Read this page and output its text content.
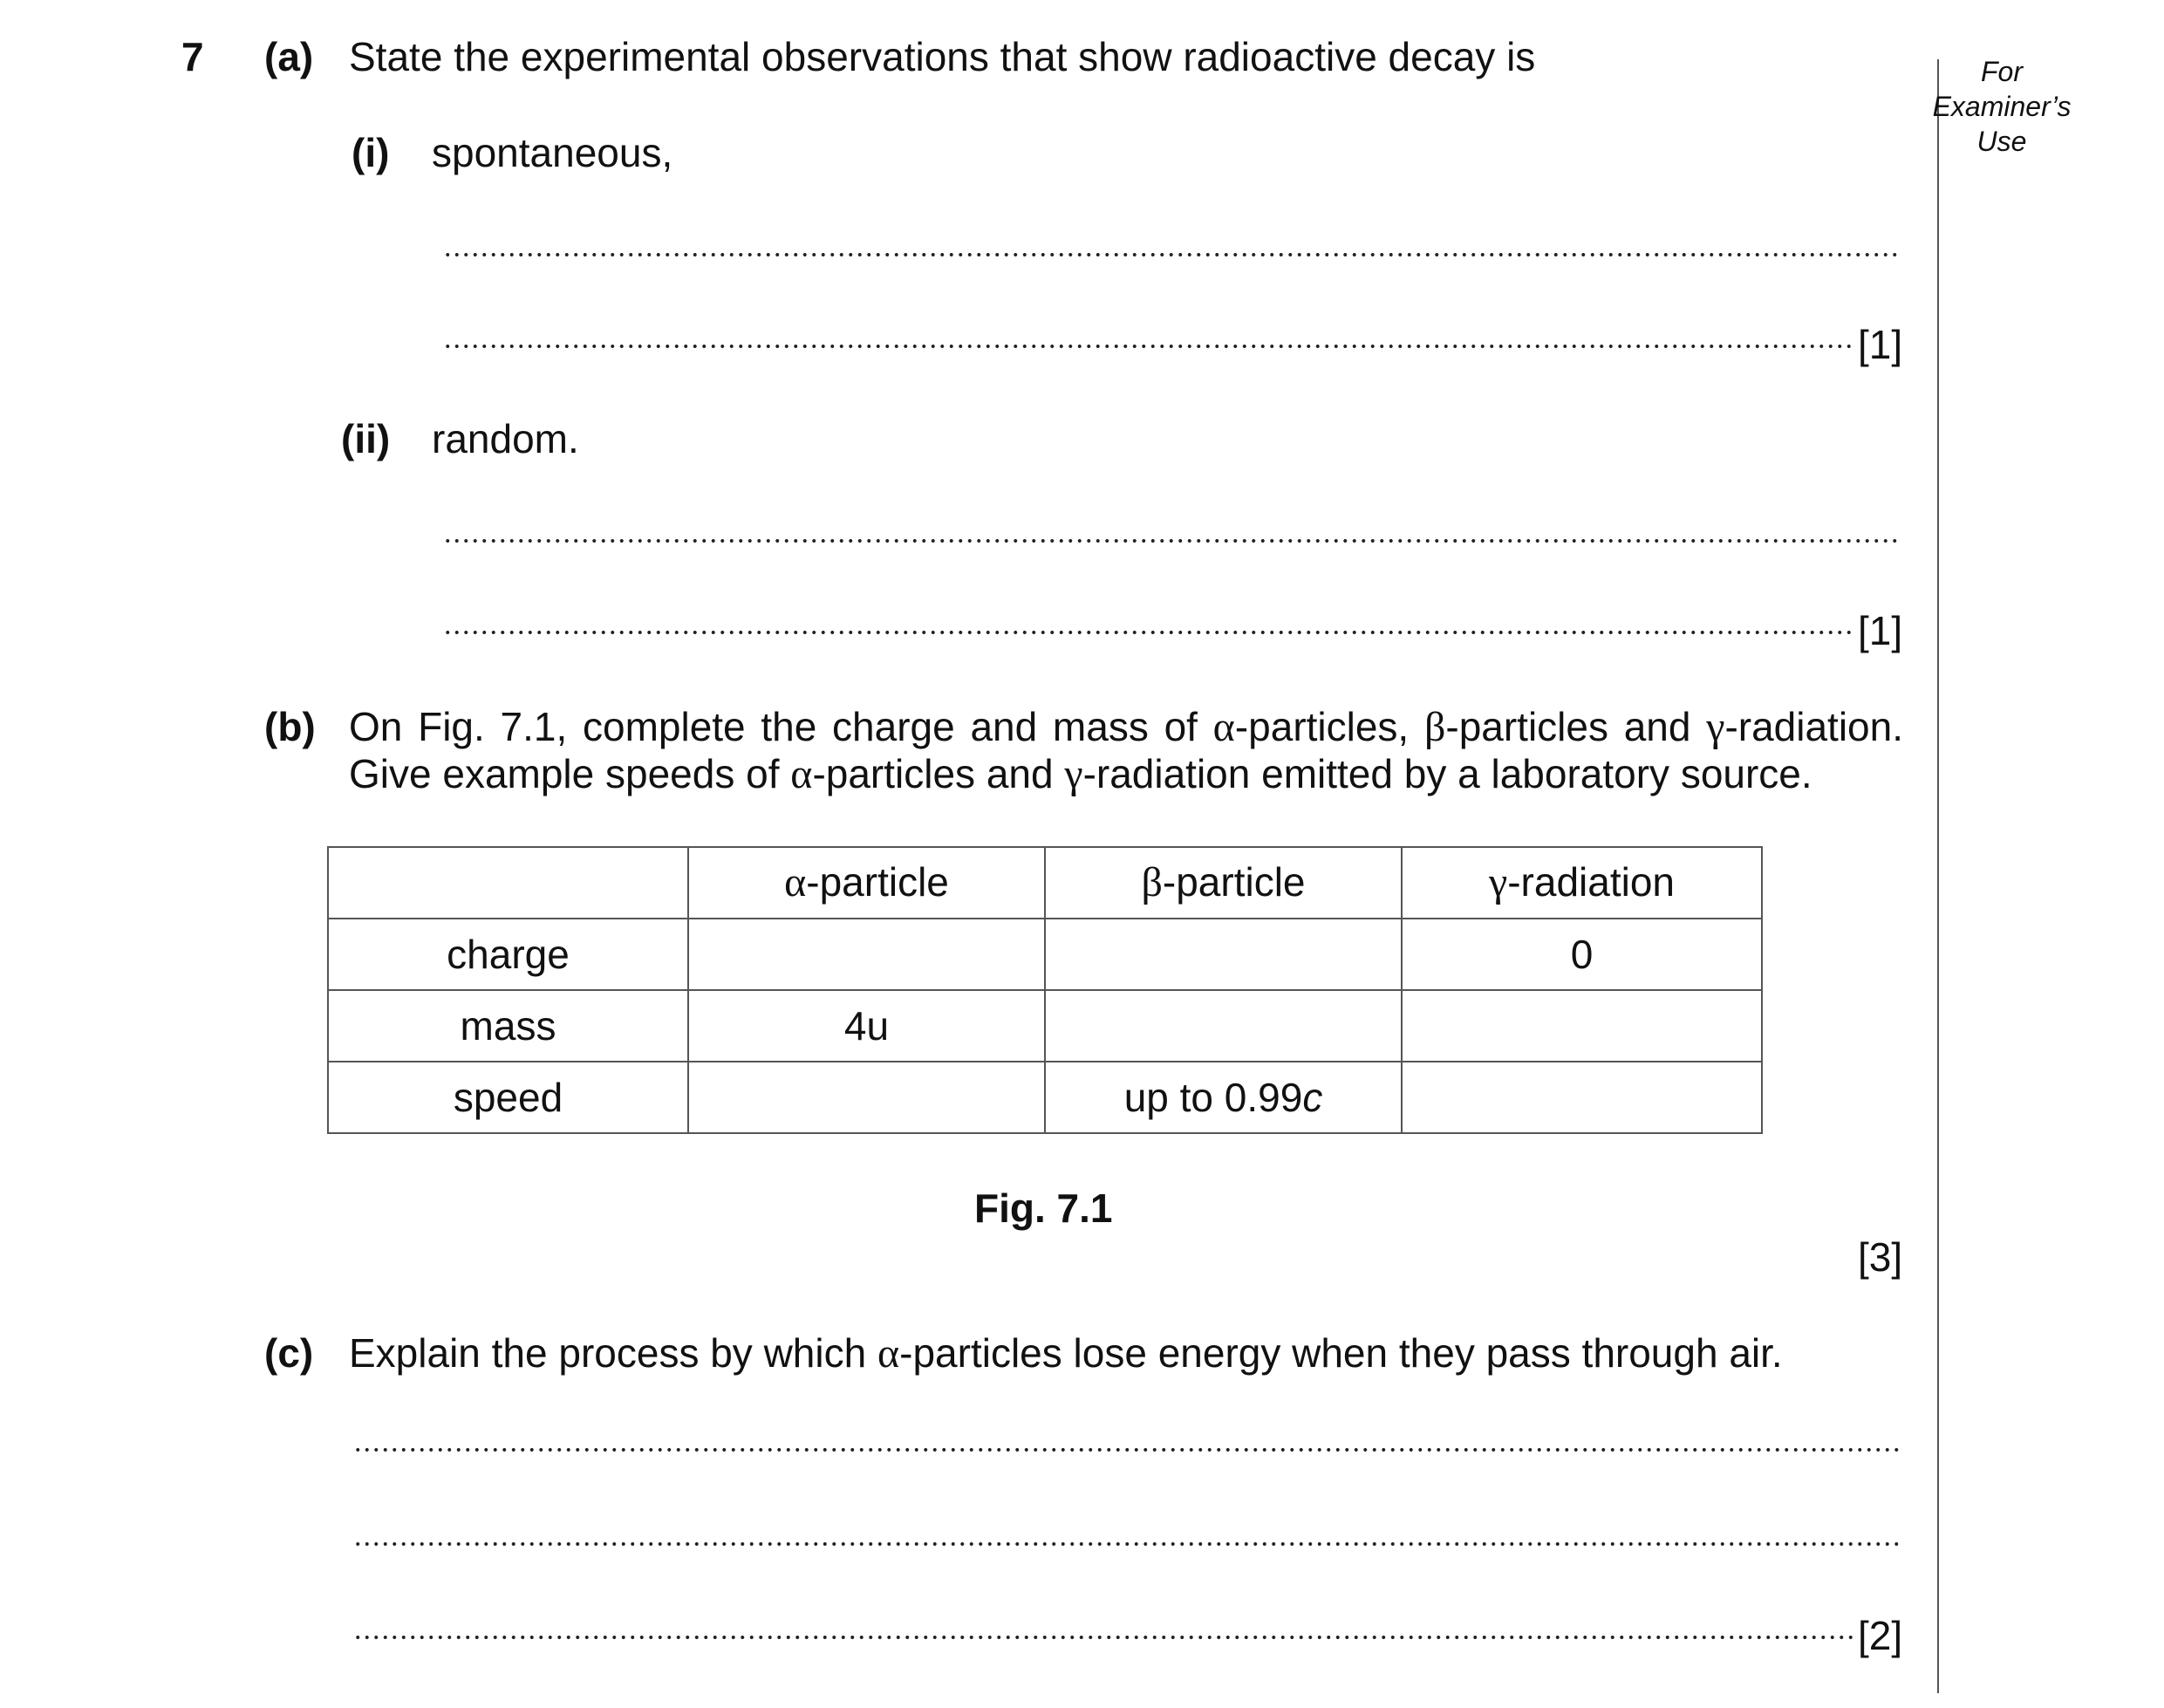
7 (a) State the experimental observations that show radioactive decay is
(i) spontaneous,
[1]
(ii) random.
[1]
(b) On Fig. 7.1, complete the charge and mass of α-particles, β-particles and γ-radiation.
Give example speeds of α-particles and γ-radiation emitted by a laboratory source.
	α-particle	β-particle	γ-radiation
charge			0
mass	4u		
speed		up to 0.99c	
Fig. 7.1
[3]
(c) Explain the process by which α-particles lose energy when they pass through air.
[2]
For
Examiner’s
Use
